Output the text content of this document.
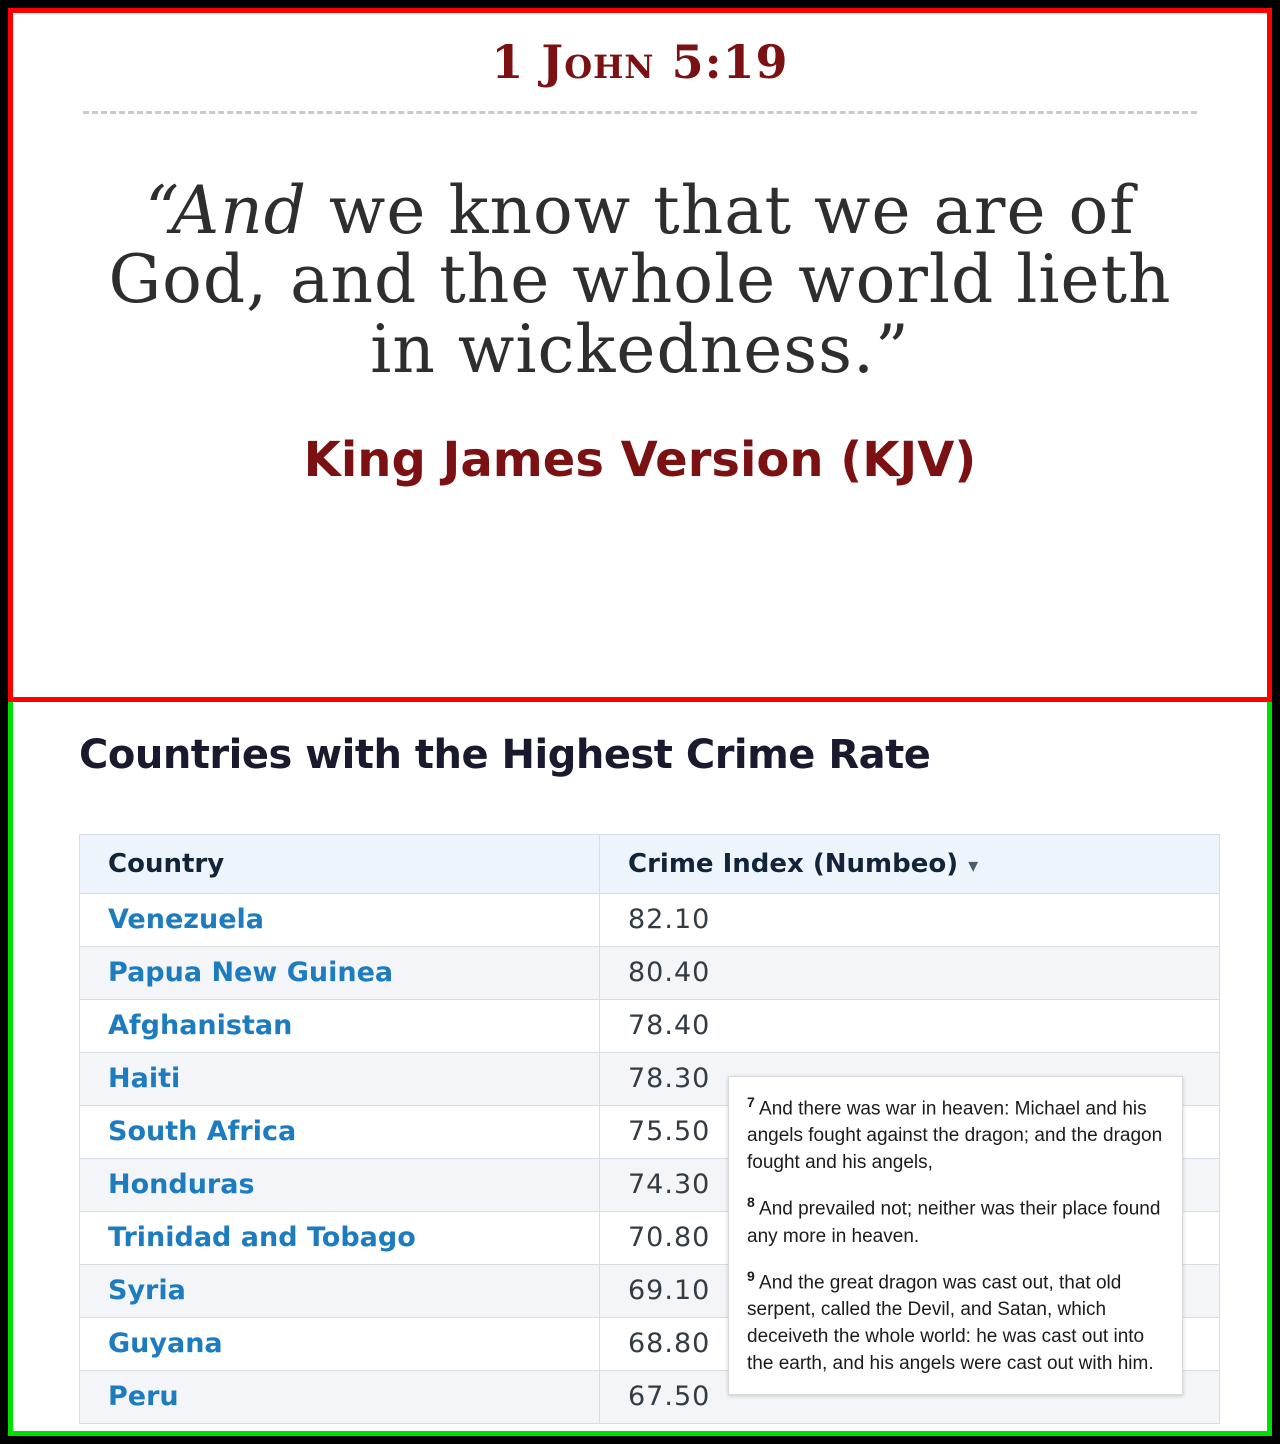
1 John 5:19
“And we know that we are of God, and the whole world lieth in wickedness.”
King James Version (KJV)
Countries with the Highest Crime Rate
Country	Crime Index (Numbeo) ▾
Venezuela	82.10
Papua New Guinea	80.40
Afghanistan	78.40
Haiti	78.30
South Africa	75.50
Honduras	74.30
Trinidad and Tobago	70.80
Syria	69.10
Guyana	68.80
Peru	67.50

$^7$ And there was war in heaven: Michael and his angels fought against the dragon; and the dragon fought and his angels,

$^8$ And prevailed not; neither was their place found any more in heaven.

$^9$ And the great dragon was cast out, that old serpent, called the Devil, and Satan, which deceiveth the whole world: he was cast out into the earth, and his angels were cast out with him.
